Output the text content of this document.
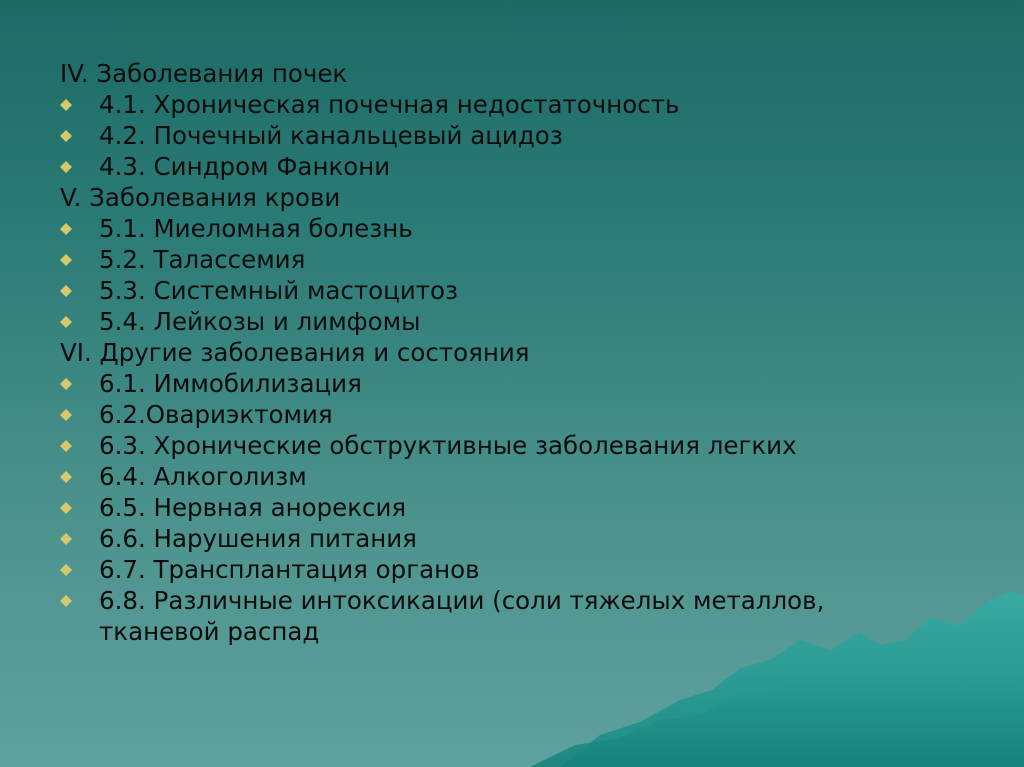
IV. Заболевания почек
4.1. Хроническая почечная недостаточность
4.2. Почечный канальцевый ацидоз
4.3. Синдром Фанкони
V. Заболевания крови
5.1. Миеломная болезнь
5.2. Талассемия
5.3. Системный мастоцитоз
5.4. Лейкозы и лимфомы
VI. Другие заболевания и состояния
6.1. Иммобилизация
6.2.Овариэктомия
6.3. Хронические обструктивные заболевания легких
6.4. Алкоголизм
6.5. Нервная анорексия
6.6. Нарушения питания
6.7. Трансплантация органов
6.8. Различные интоксикации (соли тяжелых металлов, тканевой распад
